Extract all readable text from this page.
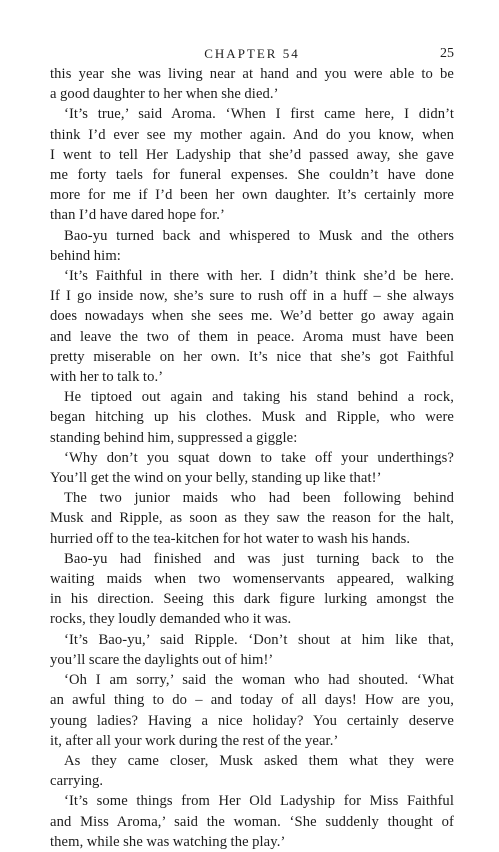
CHAPTER 54	25

this year she was living near at hand and you were able to be
a good daughter to her when she died.’

‘It’s true,’ said Aroma. ‘When I first came here, I didn’t
think I’d ever see my mother again. And do you know, when
I went to tell Her Ladyship that she’d passed away, she gave
me forty taels for funeral expenses. She couldn’t have done
more for me if I’d been her own daughter. It’s certainly more
than I’d have dared hope for.’

Bao-yu turned back and whispered to Musk and the others
behind him:

‘It’s Faithful in there with her. I didn’t think she’d be here.
If I go inside now, she’s sure to rush off in a huff – she always
does nowadays when she sees me. We’d better go away again
and leave the two of them in peace. Aroma must have been
pretty miserable on her own. It’s nice that she’s got Faithful
with her to talk to.’

He tiptoed out again and taking his stand behind a rock,
began hitching up his clothes. Musk and Ripple, who were
standing behind him, suppressed a giggle:

‘Why don’t you squat down to take off your underthings?
You’ll get the wind on your belly, standing up like that!’

The two junior maids who had been following behind
Musk and Ripple, as soon as they saw the reason for the halt,
hurried off to the tea-kitchen for hot water to wash his hands.

Bao-yu had finished and was just turning back to the
waiting maids when two womenservants appeared, walking
in his direction. Seeing this dark figure lurking amongst the
rocks, they loudly demanded who it was.

‘It’s Bao-yu,’ said Ripple. ‘Don’t shout at him like that,
you’ll scare the daylights out of him!’

‘Oh I am sorry,’ said the woman who had shouted. ‘What
an awful thing to do – and today of all days! How are you,
young ladies? Having a nice holiday? You certainly deserve
it, after all your work during the rest of the year.’

As they came closer, Musk asked them what they were
carrying.

‘It’s some things from Her Old Ladyship for Miss Faithful
and Miss Aroma,’ said the woman. ‘She suddenly thought of
them, while she was watching the play.’
